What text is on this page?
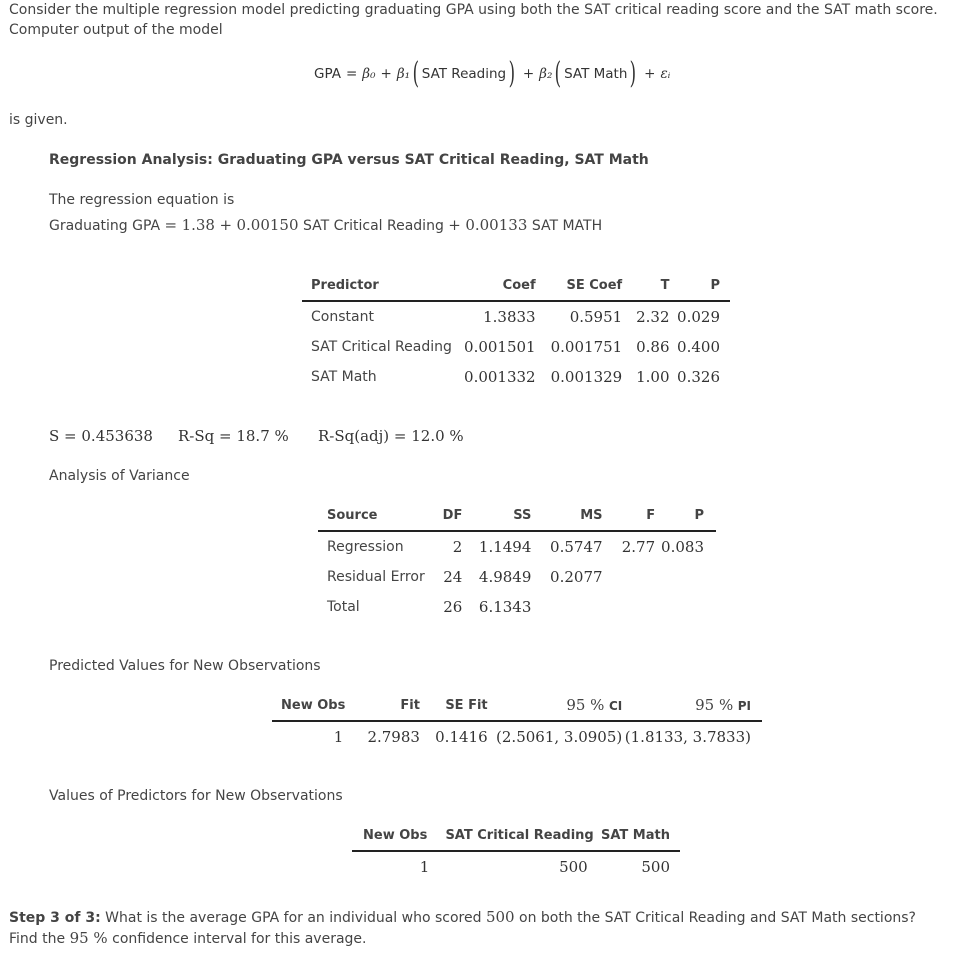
Consider the multiple regression model predicting graduating GPA using both the SAT critical reading score and the SAT math score. Computer output of the model
GPA = β₀ + β₁ ( SAT Reading ) + β₂ ( SAT Math ) + εᵢ
is given.
Regression Analysis: Graduating GPA versus SAT Critical Reading, SAT Math
The regression equation is
Graduating GPA = 1.38 + 0.00150 SAT Critical Reading + 0.00133 SAT MATH
Predictor	Coef	SE Coef	T	P
Constant	1.3833	0.5951	2.32	0.029
SAT Critical Reading	0.001501	0.001751	0.86	0.400
SAT Math	0.001332	0.001329	1.00	0.326
S = 0.453638 R-Sq = 18.7 % R-Sq(adj) = 12.0 %
Analysis of Variance
Source	DF	SS	MS	F	P
Regression	2	1.1494	0.5747	2.77	0.083
Residual Error	24	4.9849	0.2077		
Total	26	6.1343			
Predicted Values for New Observations
New Obs	Fit	SE Fit	95 % CI	95 % PI
1	2.7983	0.1416	(2.5061, 3.0905)	(1.8133, 3.7833)
Values of Predictors for New Observations
New Obs	SAT Critical Reading	SAT Math
1	500	500
Step 3 of 3: What is the average GPA for an individual who scored 500 on both the SAT Critical Reading and SAT Math sections? Find the 95 % confidence interval for this average.
